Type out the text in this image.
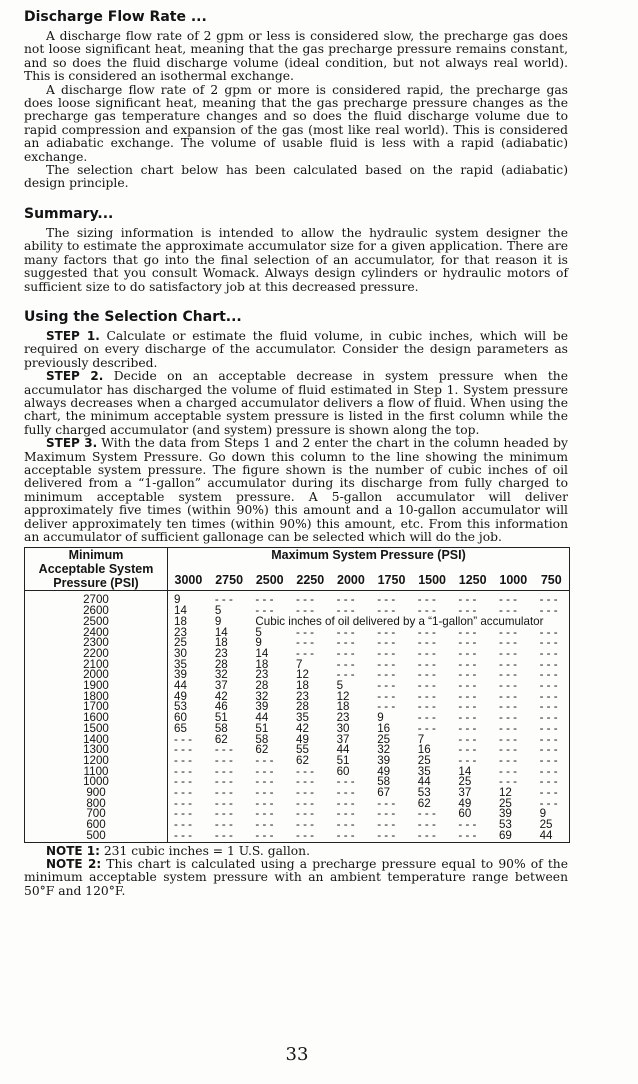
Discharge Flow Rate ...

A discharge flow rate of 2 gpm or less is considered slow, the precharge gas does not loose significant heat, meaning that the gas precharge pressure remains constant, and so does the fluid discharge volume (ideal condition, but not always real world). This is considered an isothermal exchange.

A discharge flow rate of 2 gpm or more is considered rapid, the precharge gas does loose significant heat, meaning that the gas precharge pressure changes as the precharge gas temperature changes and so does the fluid discharge volume due to rapid compression and expansion of the gas (most like real world). This is considered an adiabatic exchange. The volume of usable fluid is less with a rapid (adiabatic) exchange.

The selection chart below has been calculated based on the rapid (adiabatic) design principle.

Summary...

The sizing information is intended to allow the hydraulic system designer the ability to estimate the approximate accumulator size for a given application. There are many factors that go into the final selection of an accumulator, for that reason it is suggested that you consult Womack. Always design cylinders or hydraulic motors of sufficient size to do satisfactory job at this decreased pressure.

Using the Selection Chart...

STEP 1. Calculate or estimate the fluid volume, in cubic inches, which will be required on every discharge of the accumulator. Consider the design parameters as previously described.

STEP 2. Decide on an acceptable decrease in system pressure when the accumulator has discharged the volume of fluid estimated in Step 1. System pressure always decreases when a charged accumulator delivers a flow of fluid. When using the chart, the minimum acceptable system pressure is listed in the first column while the fully charged accumulator (and system) pressure is shown along the top.

STEP 3. With the data from Steps 1 and 2 enter the chart in the column headed by Maximum System Pressure. Go down this column to the line showing the minimum acceptable system pressure. The figure shown is the number of cubic inches of oil delivered from a “1-gallon” accumulator during its discharge from fully charged to minimum acceptable system pressure. A 5-gallon accumulator will deliver approximately five times (within 90%) this amount and a 10-gallon accumulator will deliver approximately ten times (within 90%) this amount, etc. From this information an accumulator of sufficient gallonage can be selected which will do the job.

Minimum
Acceptable System
Pressure (PSI)	Maximum System Pressure (PSI)									
	3000	2750	2500	2250	2000	1750	1500	1250	1000	750
2700	9	- - -	- - -	- - -	- - -	- - -	- - -	- - -	- - -	- - -
2600	14	5	- - -	- - -	- - -	- - -	- - -	- - -	- - -	- - -
2500	18	9	Cubic inches of oil delivered by a “1-gallon” accumulator							

2400	23	14	5	- - -	- - -	- - -	- - -	- - -	- - -	- - -
2300	25	18	9	- - -	- - -	- - -	- - -	- - -	- - -	- - -
2200	30	23	14	- - -	- - -	- - -	- - -	- - -	- - -	- - -
2100	35	28	18	7	- - -	- - -	- - -	- - -	- - -	- - -
2000	39	32	23	12	- - -	- - -	- - -	- - -	- - -	- - -
1900	44	37	28	18	5	- - -	- - -	- - -	- - -	- - -
1800	49	42	32	23	12	- - -	- - -	- - -	- - -	- - -
1700	53	46	39	28	18	- - -	- - -	- - -	- - -	- - -
1600	60	51	44	35	23	9	- - -	- - -	- - -	- - -
1500	65	58	51	42	30	16	- - -	- - -	- - -	- - -
1400	- - -	62	58	49	37	25	7	- - -	- - -	- - -
1300	- - -	- - -	62	55	44	32	16	- - -	- - -	- - -
1200	- - -	- - -	- - -	62	51	39	25	- - -	- - -	- - -
1100	- - -	- - -	- - -	- - -	60	49	35	14	- - -	- - -
1000	- - -	- - -	- - -	- - -	- - -	58	44	25	- - -	- - -
900	- - -	- - -	- - -	- - -	- - -	67	53	37	12	- - -
800	- - -	- - -	- - -	- - -	- - -	- - -	62	49	25	- - -
700	- - -	- - -	- - -	- - -	- - -	- - -	- - -	60	39	9
600	- - -	- - -	- - -	- - -	- - -	- - -	- - -	- - -	53	25
500	- - -	- - -	- - -	- - -	- - -	- - -	- - -	- - -	69	44

NOTE 1: 231 cubic inches = 1 U.S. gallon.

NOTE 2: This chart is calculated using a precharge pressure equal to 90% of the minimum acceptable system pressure with an ambient temperature range between 50°F and 120°F.

33
